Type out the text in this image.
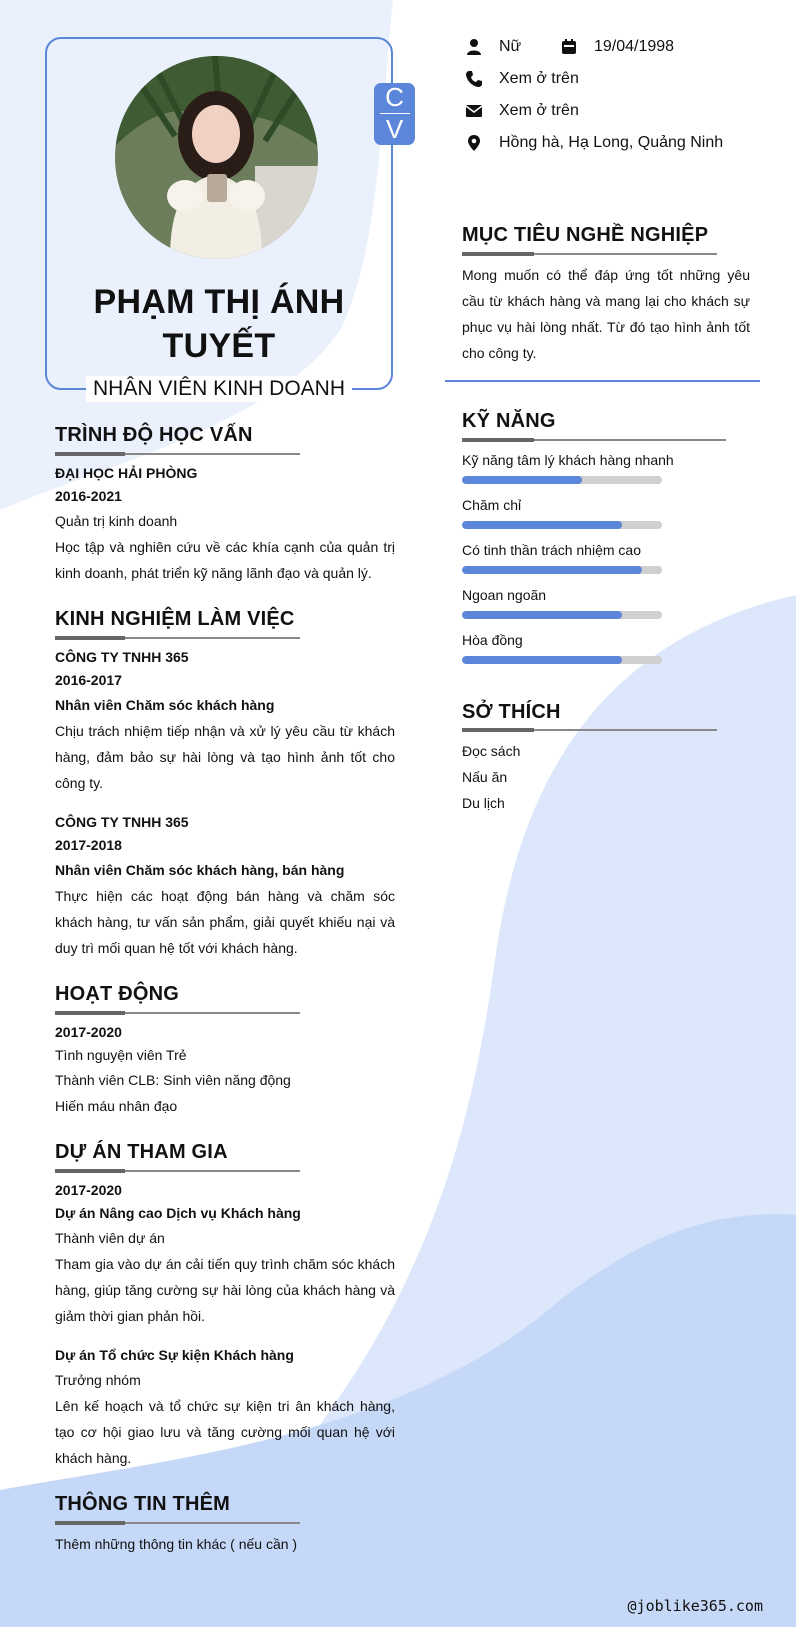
C
V
PHẠM THỊ ÁNH
TUYẾT
NHÂN VIÊN KINH DOANH
Nữ	19/04/1998
Xem ở trên
Xem ở trên
Hồng hà, Hạ Long, Quảng Ninh
MỤC TIÊU NGHỀ NGHIỆP
Mong muốn có thể đáp ứng tốt những yêu cầu từ khách hàng và mang lại cho khách sự phục vụ hài lòng nhất. Từ đó tạo hình ảnh tốt cho công ty.
KỸ NĂNG
Kỹ năng tâm lý khách hàng nhanh
Chăm chỉ
Có tinh thần trách nhiệm cao
Ngoan ngoãn
Hòa đồng
SỞ THÍCH
Đọc sách
Nấu ăn
Du lịch
TRÌNH ĐỘ HỌC VẤN
ĐẠI HỌC HẢI PHÒNG
2016-2021
Quản trị kinh doanh
Học tập và nghiên cứu về các khía cạnh của quản trị kinh doanh, phát triển kỹ năng lãnh đạo và quản lý.
KINH NGHIỆM LÀM VIỆC
CÔNG TY TNHH 365
2016-2017
Nhân viên Chăm sóc khách hàng
Chịu trách nhiệm tiếp nhận và xử lý yêu cầu từ khách hàng, đảm bảo sự hài lòng và tạo hình ảnh tốt cho công ty.
CÔNG TY TNHH 365
2017-2018
Nhân viên Chăm sóc khách hàng, bán hàng
Thực hiện các hoạt động bán hàng và chăm sóc khách hàng, tư vấn sản phẩm, giải quyết khiếu nại và duy trì mối quan hệ tốt với khách hàng.
HOẠT ĐỘNG
2017-2020
Tình nguyện viên Trẻ
Thành viên CLB: Sinh viên năng động
Hiến máu nhân đạo
DỰ ÁN THAM GIA
2017-2020
Dự án Nâng cao Dịch vụ Khách hàng
Thành viên dự án
Tham gia vào dự án cải tiến quy trình chăm sóc khách hàng, giúp tăng cường sự hài lòng của khách hàng và giảm thời gian phản hồi.
Dự án Tổ chức Sự kiện Khách hàng
Trưởng nhóm
Lên kế hoạch và tổ chức sự kiện tri ân khách hàng, tạo cơ hội giao lưu và tăng cường mối quan hệ với khách hàng.
THÔNG TIN THÊM
Thêm những thông tin khác ( nếu cần )
@joblike365.com
